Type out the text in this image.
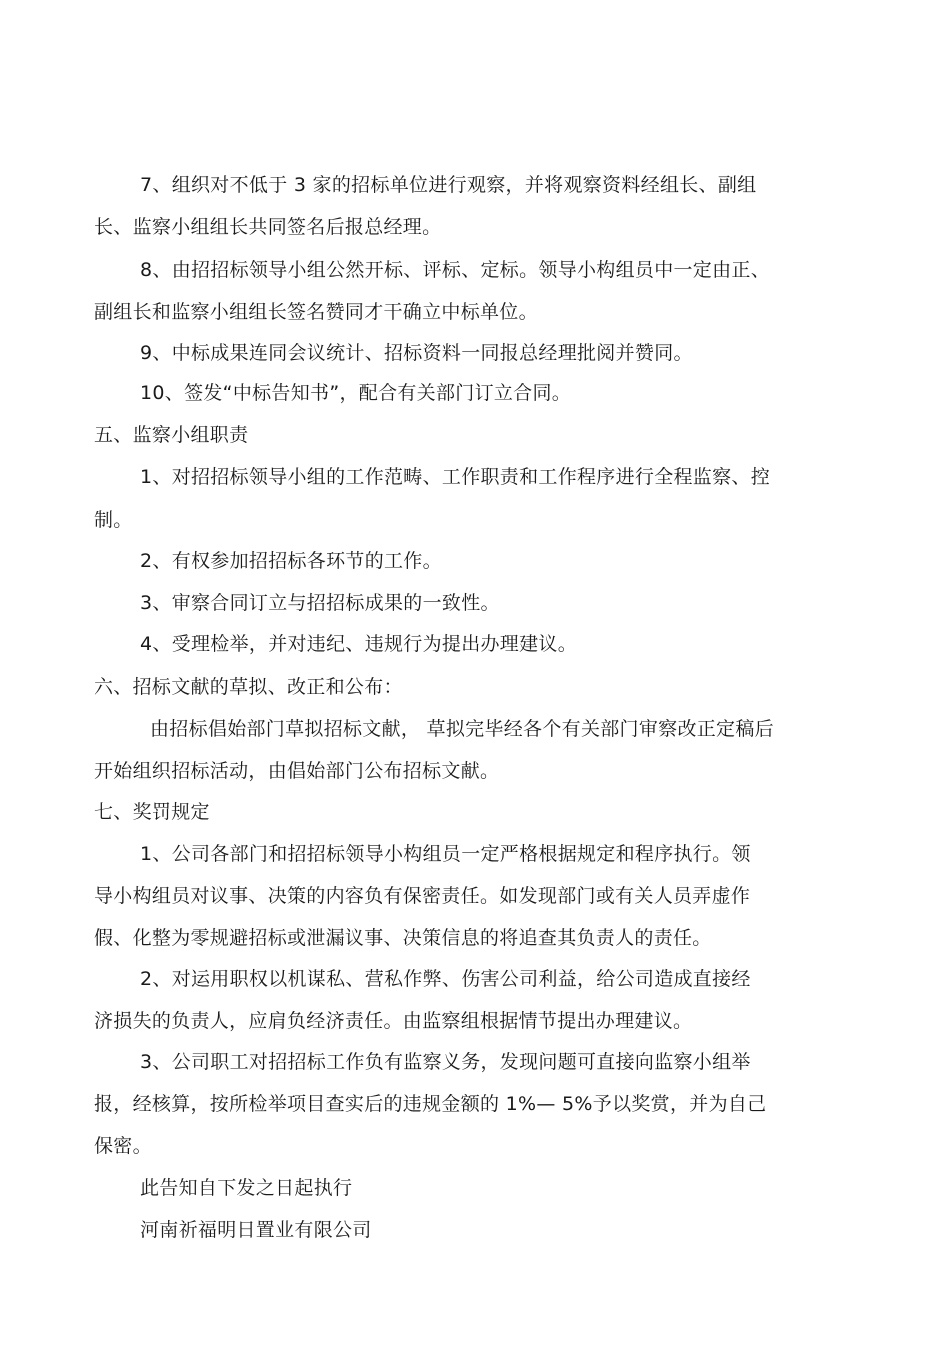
7、组织对不低于 3 家的招标单位进行观察，并将观察资料经组长、副组
长、监察小组组长共同签名后报总经理。
8、由招招标领导小组公然开标、评标、定标。领导小构组员中一定由正、
副组长和监察小组组长签名赞同才干确立中标单位。
9、中标成果连同会议统计、招标资料一同报总经理批阅并赞同。
10、签发“中标告知书”，配合有关部门订立合同。
五、监察小组职责
1、对招招标领导小组的工作范畴、工作职责和工作程序进行全程监察、控
制。
2、有权参加招招标各环节的工作。
3、审察合同订立与招招标成果的一致性。
4、受理检举，并对违纪、违规行为提出办理建议。
六、招标文献的草拟、改正和公布：
由招标倡始部门草拟招标文献， 草拟完毕经各个有关部门审察改正定稿后
开始组织招标活动，由倡始部门公布招标文献。
七、奖罚规定
1、公司各部门和招招标领导小构组员一定严格根据规定和程序执行。领
导小构组员对议事、决策的内容负有保密责任。如发现部门或有关人员弄虚作
假、化整为零规避招标或泄漏议事、决策信息的将追查其负责人的责任。
2、对运用职权以机谋私、营私作弊、伤害公司利益，给公司造成直接经
济损失的负责人，应肩负经济责任。由监察组根据情节提出办理建议。
3、公司职工对招招标工作负有监察义务，发现问题可直接向监察小组举
报，经核算，按所检举项目查实后的违规金额的 1%— 5%予以奖赏，并为自己
保密。
此告知自下发之日起执行
河南祈福明日置业有限公司
